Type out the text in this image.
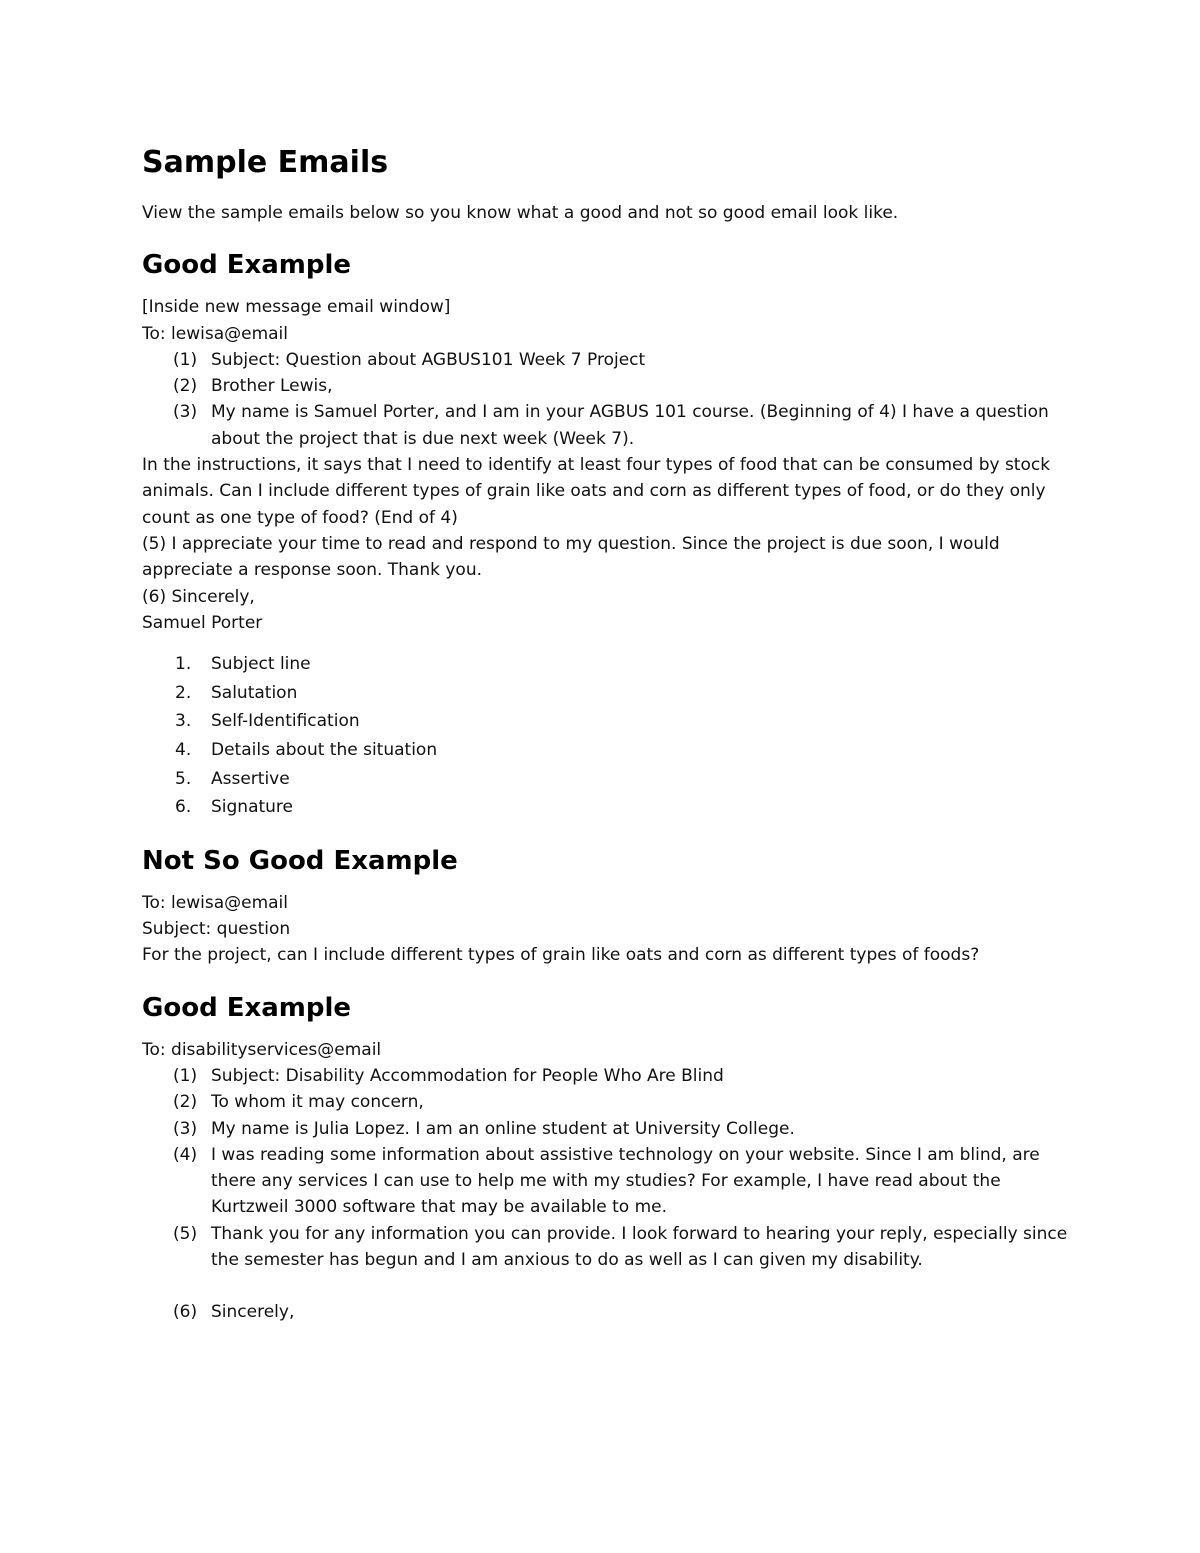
Sample Emails

View the sample emails below so you know what a good and not so good email look like.

Good Example

[Inside new message email window]

To: lewisa@email

(1) Subject: Question about AGBUS101 Week 7 Project
(2) Brother Lewis,
(3) My name is Samuel Porter, and I am in your AGBUS 101 course. (Beginning of 4) I have a question about the project that is due next week (Week 7).

In the instructions, it says that I need to identify at least four types of food that can be consumed by stock animals. Can I include different types of grain like oats and corn as different types of food, or do they only count as one type of food? (End of 4)

(5) I appreciate your time to read and respond to my question. Since the project is due soon, I would appreciate a response soon. Thank you.

(6) Sincerely,

Samuel Porter

1. Subject line
2. Salutation
3. Self-Identification
4. Details about the situation
5. Assertive
6. Signature
Not So Good Example

To: lewisa@email

Subject: question

For the project, can I include different types of grain like oats and corn as different types of foods?

Good Example

To: disabilityservices@email

(1) Subject: Disability Accommodation for People Who Are Blind
(2) To whom it may concern,
(3) My name is Julia Lopez. I am an online student at University College.
(4) I was reading some information about assistive technology on your website. Since I am blind, are there any services I can use to help me with my studies? For example, I have read about the Kurtzweil 3000 software that may be available to me.
(5) Thank you for any information you can provide. I look forward to hearing your reply, especially since the semester has begun and I am anxious to do as well as I can given my disability.
(6) Sincerely,
